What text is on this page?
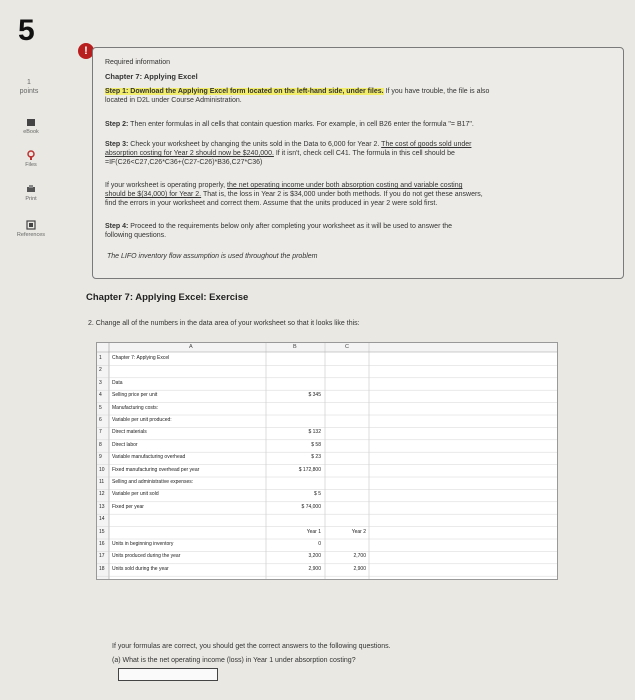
5
!
1
points
eBook
Files
Print
References
Required information
Chapter 7: Applying Excel
Step 1: Download the Applying Excel form located on the left-hand side, under files. If you have trouble, the file is also
located in D2L under Course Administration.
Step 2: Then enter formulas in all cells that contain question marks. For example, in cell B26 enter the formula "= B17".
Step 3: Check your worksheet by changing the units sold in the Data to 6,000 for Year 2. The cost of goods sold under
absorption costing for Year 2 should now be $240,000. If it isn't, check cell C41. The formula in this cell should be
=IF(C26<C27,C26*C36+(C27-C26)*B36,C27*C36)
If your worksheet is operating properly, the net operating income under both absorption costing and variable costing
should be $(34,000) for Year 2. That is, the loss in Year 2 is $34,000 under both methods. If you do not get these answers,
find the errors in your worksheet and correct them. Assume that the units produced in year 2 were sold first.
Step 4: Proceed to the requirements below only after completing your worksheet as it will be used to answer the
following questions.
The LIFO inventory flow assumption is used throughout the problem
Chapter 7: Applying Excel: Exercise
2. Change all of the numbers in the data area of your worksheet so that it looks like this:
A	B	C
1 Chapter 7: Applying Excel
2
3 Data
4 Selling price per unit	$ 345
5 Manufacturing costs:
6 Variable per unit produced:
7 Direct materials	$ 132
8 Direct labor	$ 58
9 Variable manufacturing overhead	$ 23
10 Fixed manufacturing overhead per year	$ 172,800
11 Selling and administrative expenses:
12 Variable per unit sold	$ 5
13 Fixed per year	$ 74,000
14
15	Year 1	Year 2
16 Units in beginning inventory	0
17 Units produced during the year	3,200	2,700
18 Units sold during the year	2,900	2,900
If your formulas are correct, you should get the correct answers to the following questions.
(a) What is the net operating income (loss) in Year 1 under absorption costing?
